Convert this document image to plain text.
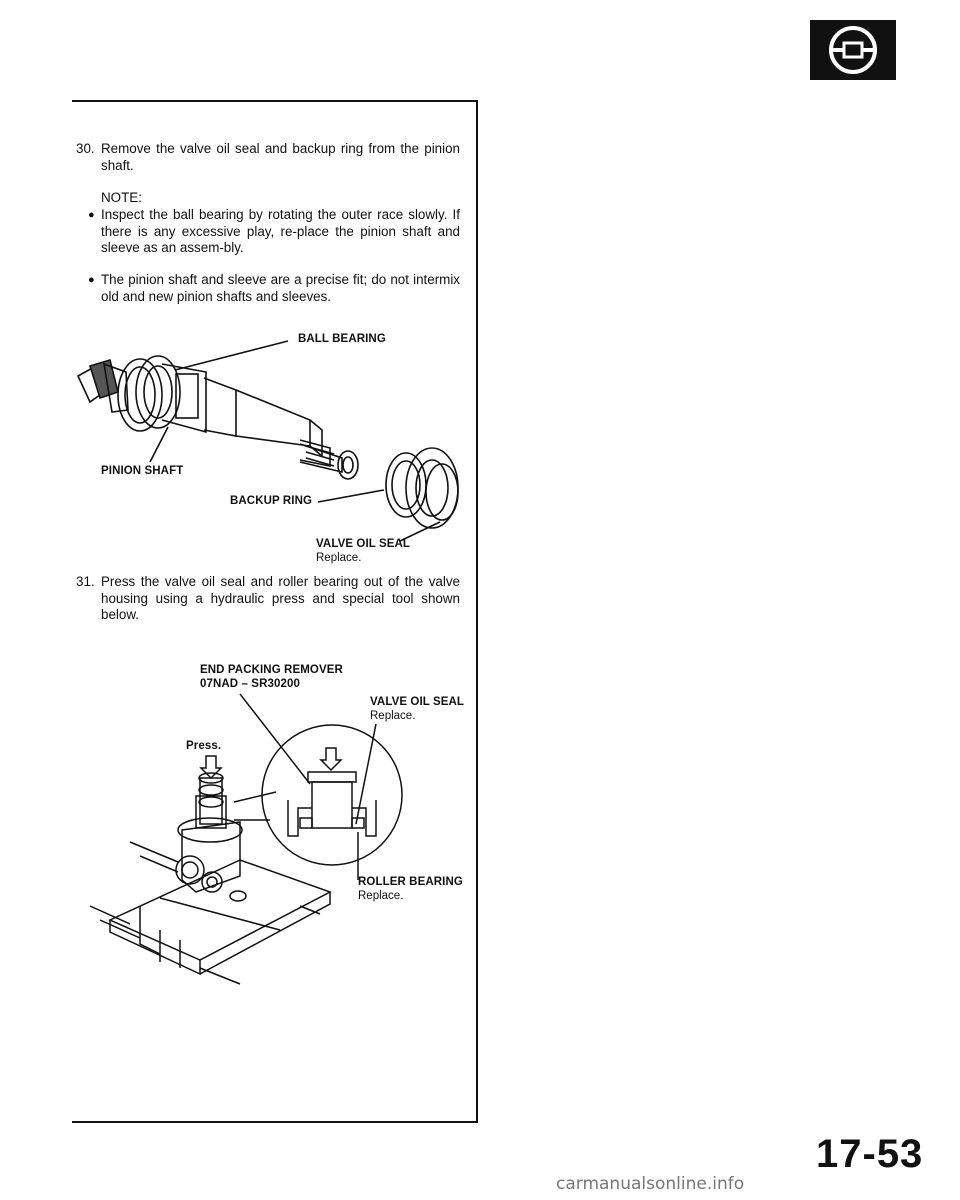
30. Remove the valve oil seal and backup ring from the pinion shaft.
NOTE:
● Inspect the ball bearing by rotating the outer race slowly. If there is any excessive play, re-place the pinion shaft and sleeve as an assem-bly.
● The pinion shaft and sleeve are a precise fit; do not intermix old and new pinion shafts and sleeves.
BALL BEARING
PINION SHAFT
BACKUP RING
VALVE OIL SEAL
Replace.
31. Press the valve oil seal and roller bearing out of the valve housing using a hydraulic press and special tool shown below.
END PACKING REMOVER
07NAD – SR30200
VALVE OIL SEAL
Replace.
Press.
ROLLER BEARING
Replace.
17-53
carmanualsonline.info
